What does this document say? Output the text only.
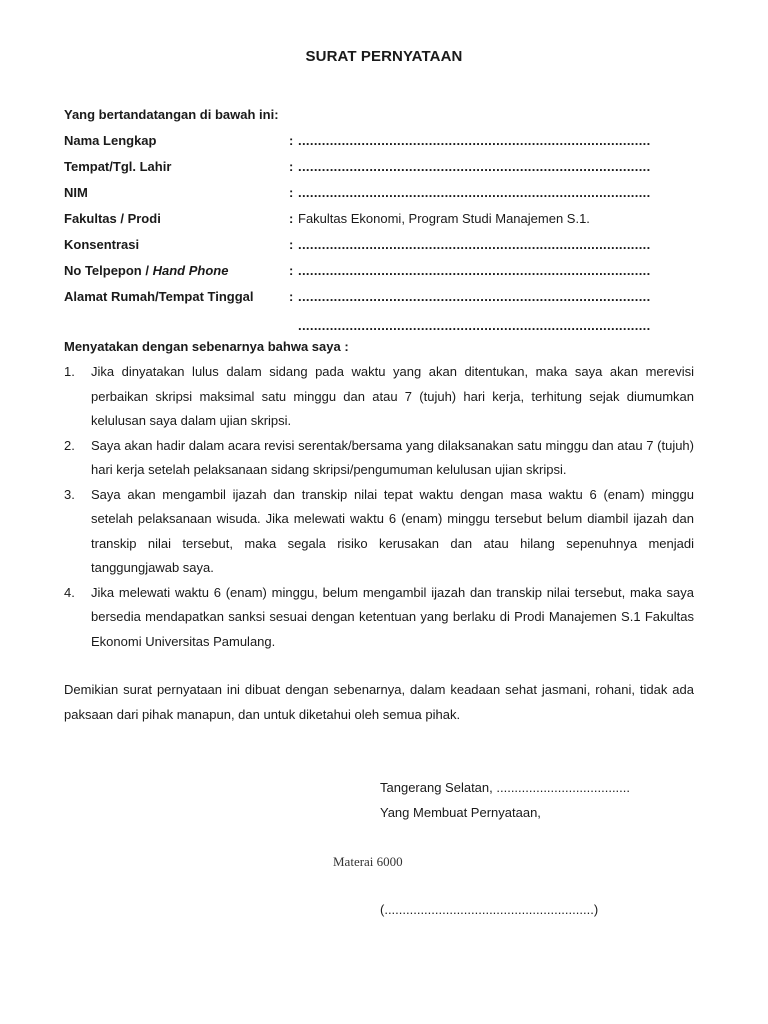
SURAT PERNYATAAN
Yang bertandatangan di bawah ini:
Nama Lengkap	: .........................................................................................
Tempat/Tgl. Lahir	: .........................................................................................
NIM	: .........................................................................................
Fakultas / Prodi	: Fakultas Ekonomi, Program Studi Manajemen S.1.
Konsentrasi	: .........................................................................................
No Telpepon / Hand Phone	: .........................................................................................
Alamat Rumah/Tempat Tinggal	: .........................................................................................
.........................................................................................
Menyatakan dengan sebenarnya bahwa saya :

1. Jika dinyatakan lulus dalam sidang pada waktu yang akan ditentukan, maka saya akan merevisi perbaikan skripsi maksimal satu minggu dan atau 7 (tujuh) hari kerja, terhitung sejak diumumkan kelulusan saya dalam ujian skripsi.

2. Saya akan hadir dalam acara revisi serentak/bersama yang dilaksanakan satu minggu dan atau 7 (tujuh) hari kerja setelah pelaksanaan sidang skripsi/pengumuman kelulusan ujian skripsi.

3. Saya akan mengambil ijazah dan transkip nilai tepat waktu dengan masa waktu 6 (enam) minggu setelah pelaksanaan wisuda. Jika melewati waktu 6 (enam) minggu tersebut belum diambil ijazah dan transkip nilai tersebut, maka segala risiko kerusakan dan atau hilang sepenuhnya menjadi tanggungjawab saya.

4. Jika melewati waktu 6 (enam) minggu, belum mengambil ijazah dan transkip nilai tersebut, maka saya bersedia mendapatkan sanksi sesuai dengan ketentuan yang berlaku di Prodi Manajemen S.1 Fakultas Ekonomi Universitas Pamulang.

Demikian surat pernyataan ini dibuat dengan sebenarnya, dalam keadaan sehat jasmani, rohani, tidak ada paksaan dari pihak manapun, dan untuk diketahui oleh semua pihak.
Tangerang Selatan, .....................................
Yang Membuat Pernyataan,
Materai 6000
(..........................................................)
